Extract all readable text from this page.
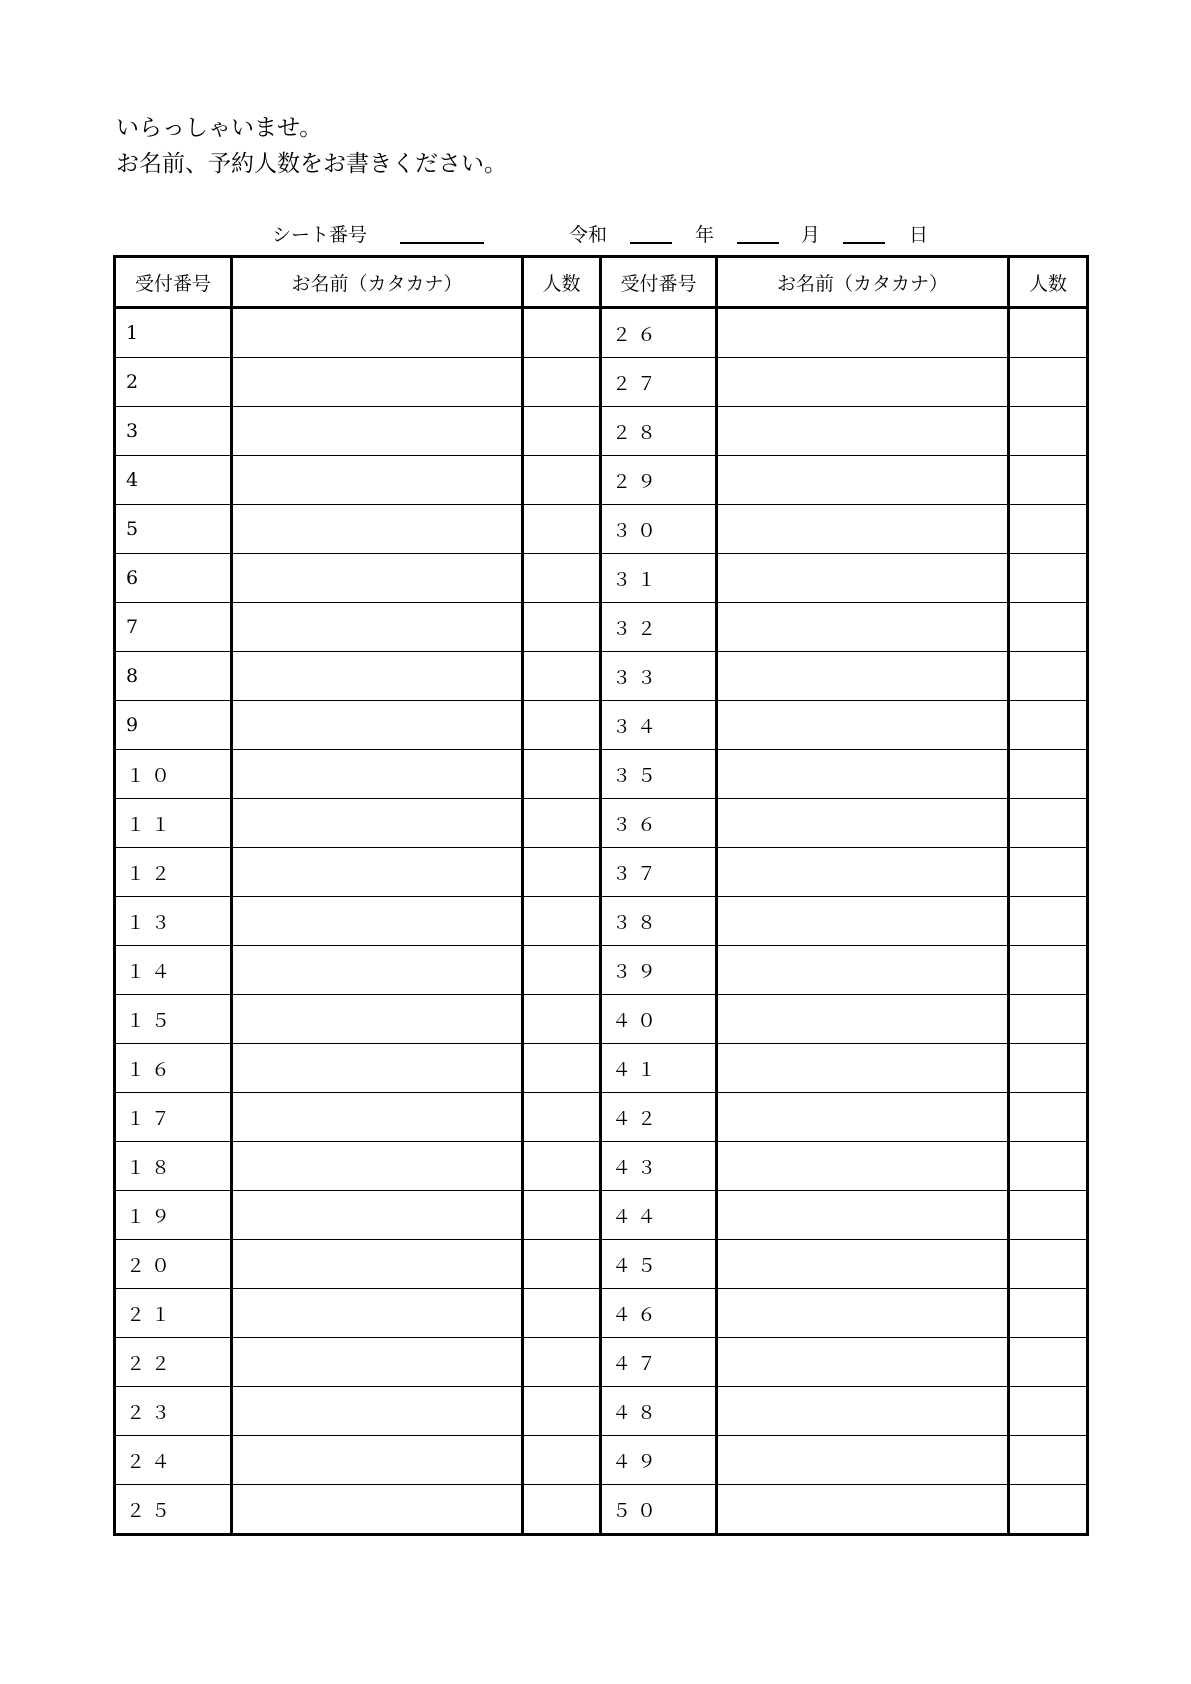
いらっしゃいませ。
お名前、予約人数をお書きください。
シート番号	令和	年	月	日
受付番号	お名前（カタカナ）	人数	受付番号	お名前（カタカナ）	人数
1			２６		
2			２７		
3			２８		
4			２９		
5			３０		
6			３１		
7			３２		
8			３３		
9			３４		
１０			３５		
１１			３６		
１２			３７		
１３			３８		
１４			３９		
１５			４０		
１６			４１		
１７			４２		
１８			４３		
１９			４４		
２０			４５		
２１			４６		
２２			４７		
２３			４８		
２４			４９		
２５			５０		
